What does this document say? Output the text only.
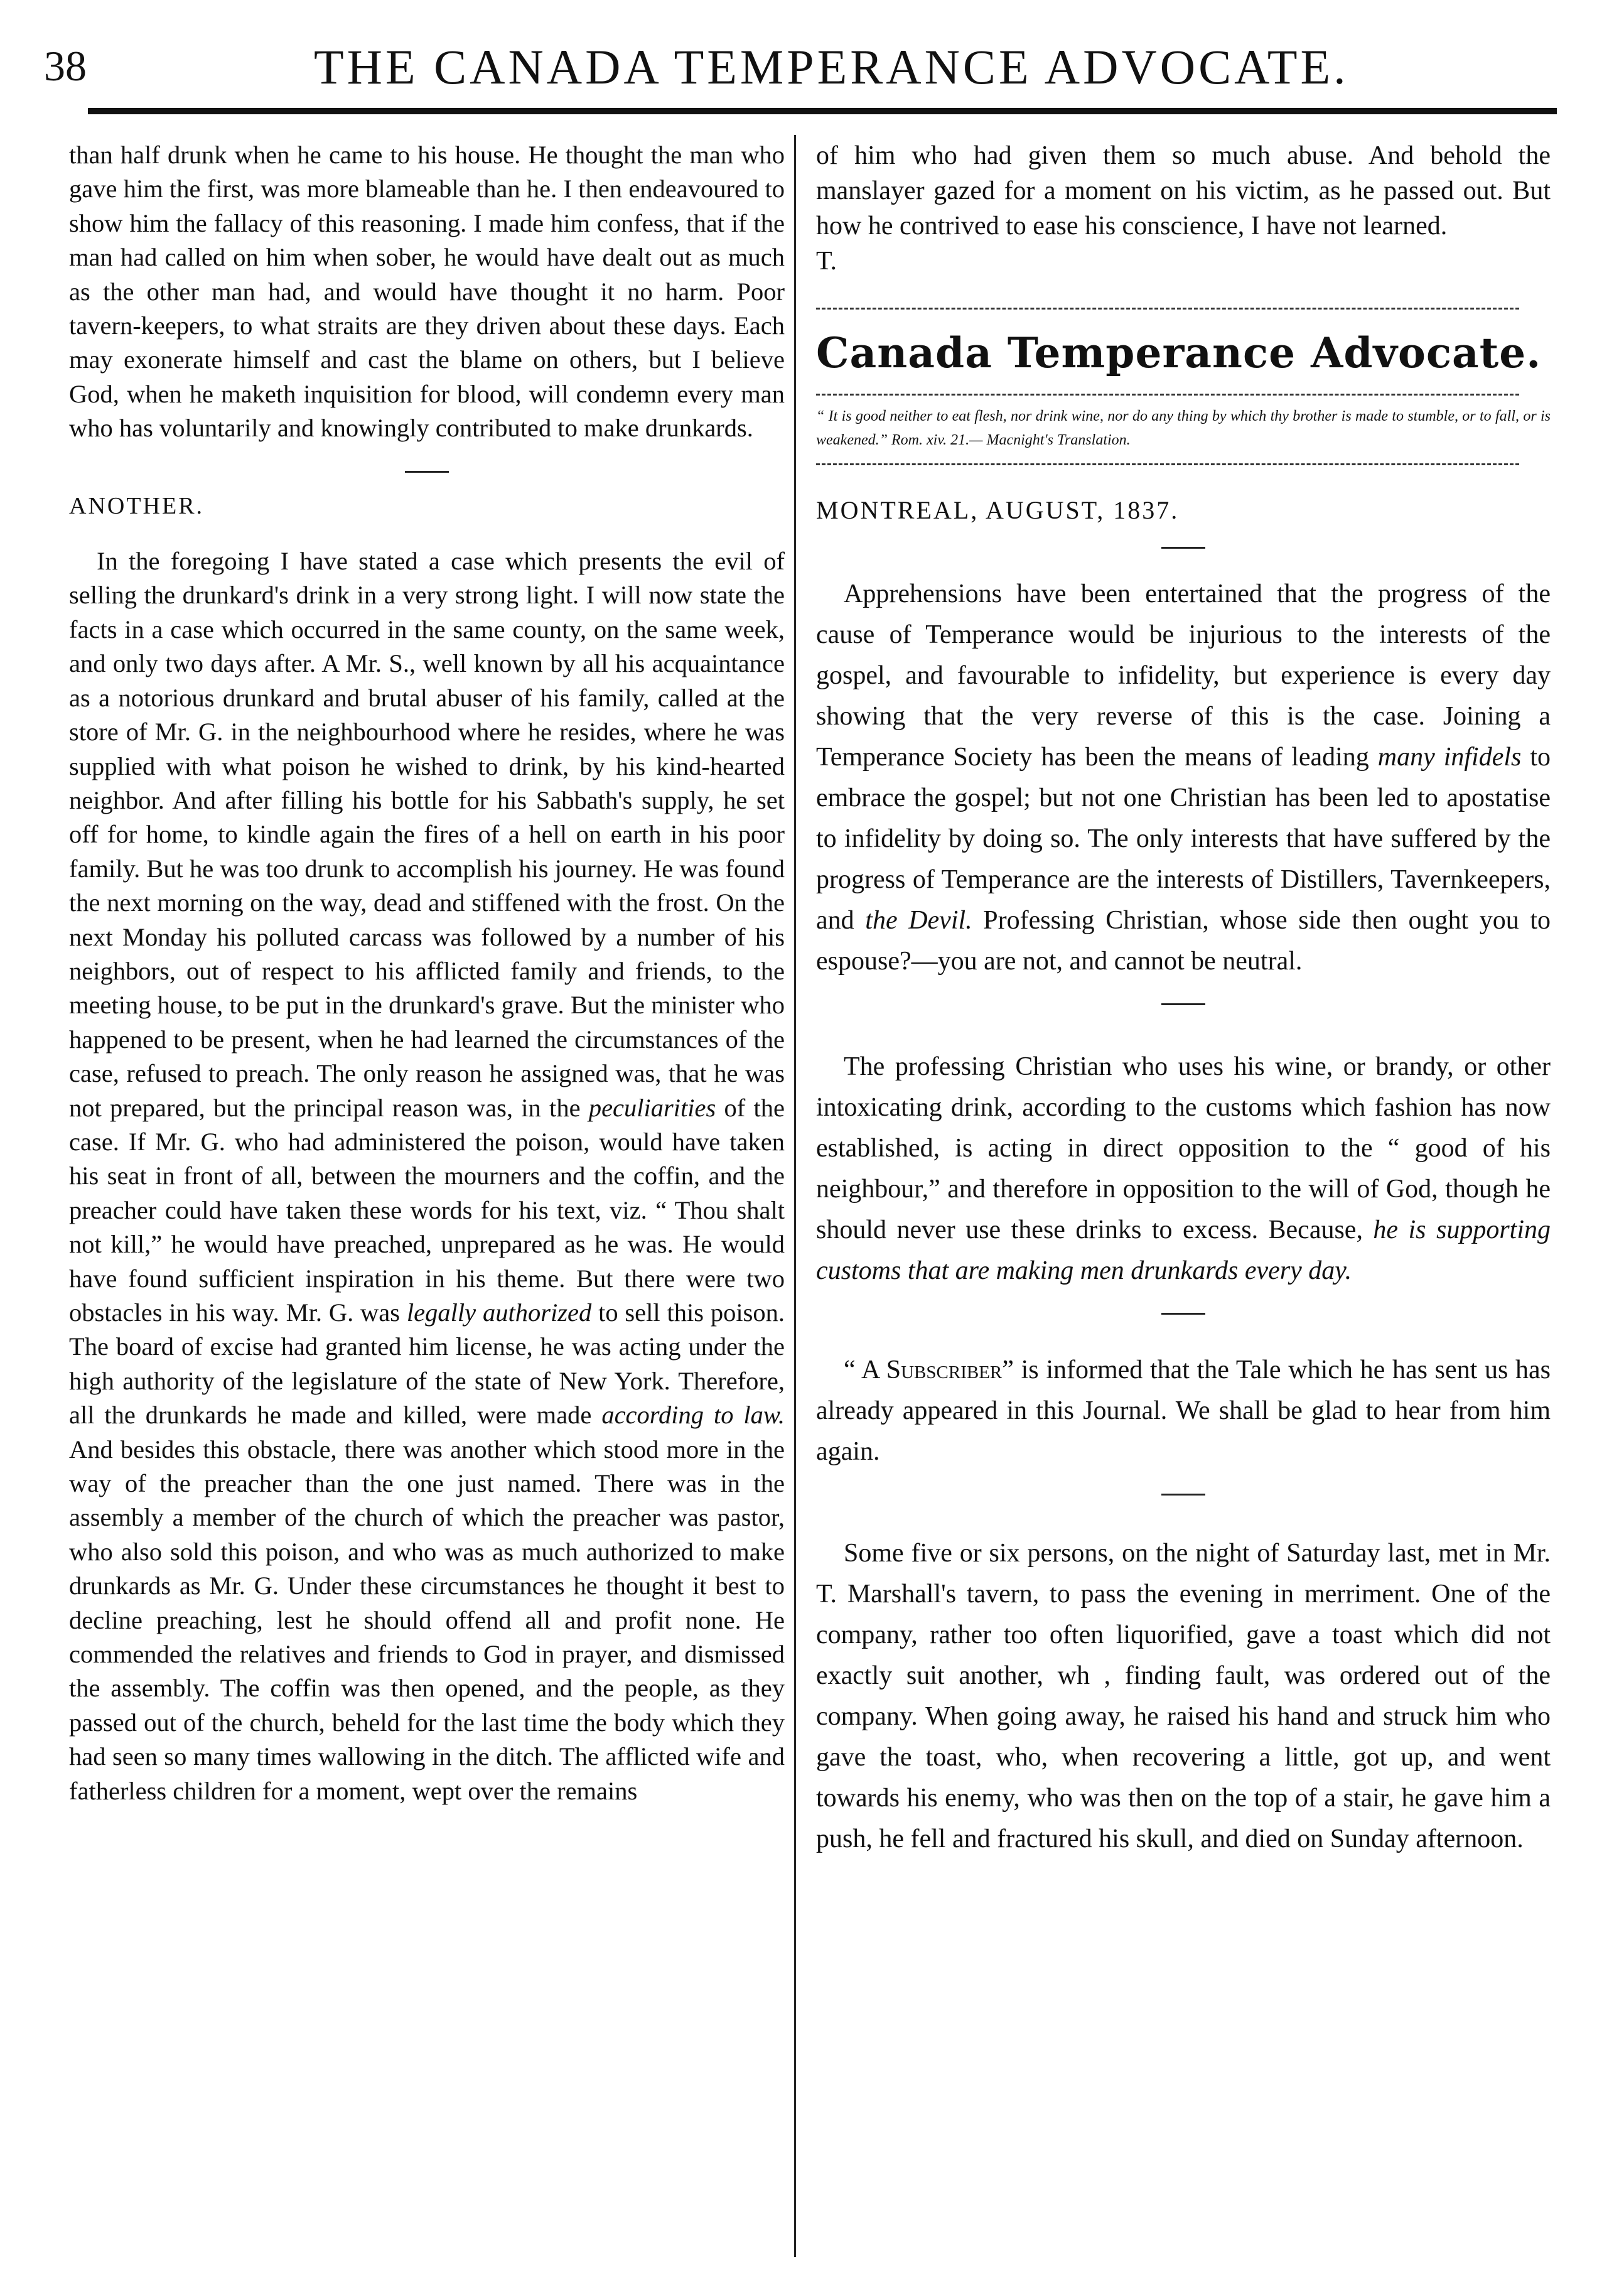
38	THE CANADA TEMPERANCE ADVOCATE.

than half drunk when he came to his house. He thought the man who gave him the first, was more blameable than he. I then endeavoured to show him the fallacy of this reasoning. I made him confess, that if the man had called on him when sober, he would have dealt out as much as the other man had, and would have thought it no harm. Poor tavern-keepers, to what straits are they driven about these days. Each may exonerate himself and cast the blame on others, but I believe God, when he maketh inquisition for blood, will condemn every man who has voluntarily and knowingly contributed to make drunkards.

ANOTHER.

In the foregoing I have stated a case which presents the evil of selling the drunkard's drink in a very strong light. I will now state the facts in a case which occurred in the same county, on the same week, and only two days after. A Mr. S., well known by all his acquaintance as a notorious drunkard and brutal abuser of his family, called at the store of Mr. G. in the neighbourhood where he resides, where he was supplied with what poison he wished to drink, by his kind-hearted neighbor. And after filling his bottle for his Sabbath's supply, he set off for home, to kindle again the fires of a hell on earth in his poor family. But he was too drunk to accomplish his journey. He was found the next morning on the way, dead and stiffened with the frost. On the next Monday his polluted carcass was followed by a number of his neighbors, out of respect to his afflicted family and friends, to the meeting house, to be put in the drunkard's grave. But the minister who happened to be present, when he had learned the circumstances of the case, refused to preach. The only reason he assigned was, that he was not prepared, but the principal reason was, in the peculiarities of the case. If Mr. G. who had administered the poison, would have taken his seat in front of all, between the mourners and the coffin, and the preacher could have taken these words for his text, viz. “ Thou shalt not kill,” he would have preached, unprepared as he was. He would have found sufficient inspiration in his theme. But there were two obstacles in his way. Mr. G. was legally authorized to sell this poison. The board of excise had granted him license, he was acting under the high authority of the legislature of the state of New York. Therefore, all the drunkards he made and killed, were made according to law. And besides this obstacle, there was another which stood more in the way of the preacher than the one just named. There was in the assembly a member of the church of which the preacher was pastor, who also sold this poison, and who was as much authorized to make drunkards as Mr. G. Under these circumstances he thought it best to decline preaching, lest he should offend all and profit none. He commended the relatives and friends to God in prayer, and dismissed the assembly. The coffin was then opened, and the people, as they passed out of the church, beheld for the last time the body which they had seen so many times wallowing in the ditch. The afflicted wife and fatherless children for a moment, wept over the remains

of him who had given them so much abuse. And behold the manslayer gazed for a moment on his victim, as he passed out. But how he contrived to ease his conscience, I have not learned.

T.

Canada Temperance Advocate.

“ It is good neither to eat flesh, nor drink wine, nor do any thing by which thy brother is made to stumble, or to fall, or is weakened.” Rom. xiv. 21.— Macnight's Translation.

MONTREAL, AUGUST, 1837.

Apprehensions have been entertained that the progress of the cause of Temperance would be injurious to the interests of the gospel, and favourable to infidelity, but experience is every day showing that the very reverse of this is the case. Joining a Temperance Society has been the means of leading many infidels to embrace the gospel; but not one Christian has been led to apostatise to infidelity by doing so. The only interests that have suffered by the progress of Temperance are the interests of Distillers, Tavernkeepers, and the Devil. Professing Christian, whose side then ought you to espouse?—you are not, and cannot be neutral.

The professing Christian who uses his wine, or brandy, or other intoxicating drink, according to the customs which fashion has now established, is acting in direct opposition to the “ good of his neighbour,” and therefore in opposition to the will of God, though he should never use these drinks to excess. Because, he is supporting customs that are making men drunkards every day.

“ A Subscriber” is informed that the Tale which he has sent us has already appeared in this Journal. We shall be glad to hear from him again.

Some five or six persons, on the night of Saturday last, met in Mr. T. Marshall's tavern, to pass the evening in merriment. One of the company, rather too often liquorified, gave a toast which did not exactly suit another, wh , finding fault, was ordered out of the company. When going away, he raised his hand and struck him who gave the toast, who, when recovering a little, got up, and went towards his enemy, who was then on the top of a stair, he gave him a push, he fell and fractured his skull, and died on Sunday afternoon.
